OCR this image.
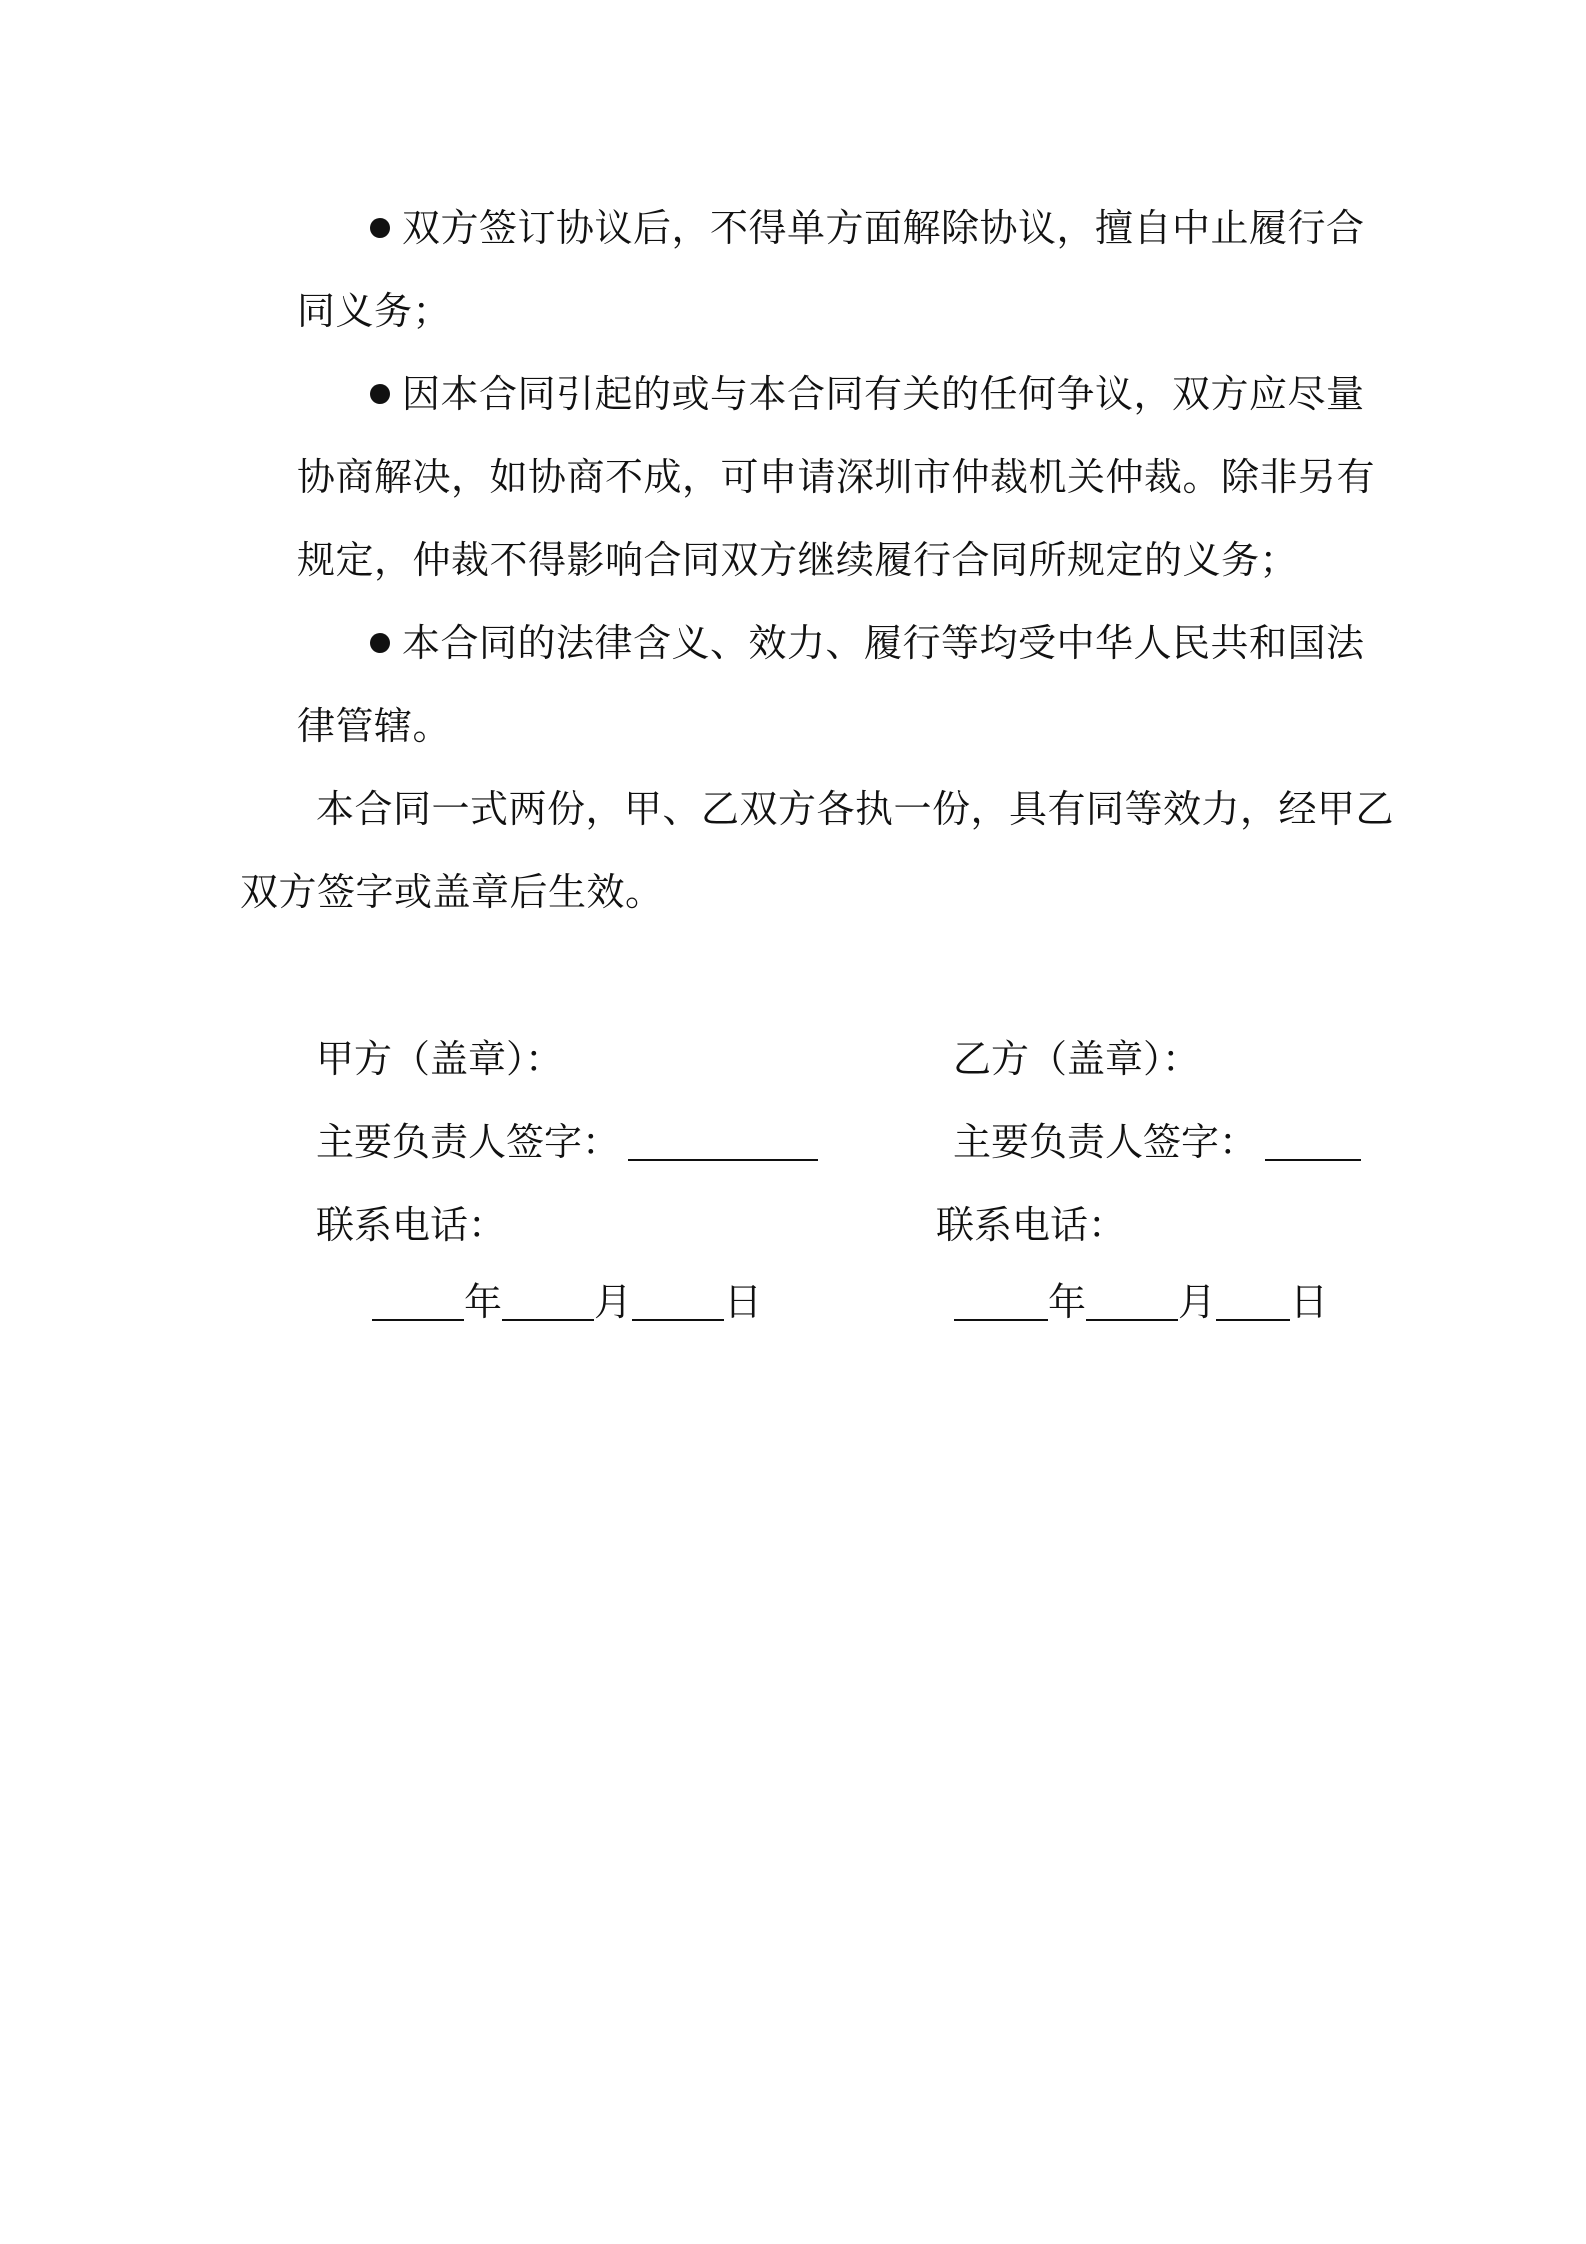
双方签订协议后，不得单方面解除协议，擅自中止履行合
同义务；
因本合同引起的或与本合同有关的任何争议，双方应尽量
协商解决，如协商不成，可申请深圳市仲裁机关仲裁。除非另有
规定，仲裁不得影响合同双方继续履行合同所规定的义务；
本合同的法律含义、效力、履行等均受中华人民共和国法
律管辖。
本合同一式两份，甲、乙双方各执一份，具有同等效力，经甲乙
双方签字或盖章后生效。
甲方（盖章）：
主要负责人签字：
联系电话：
年 月 日
乙方（盖章）：
主要负责人签字：
联系电话：
年 月 日
